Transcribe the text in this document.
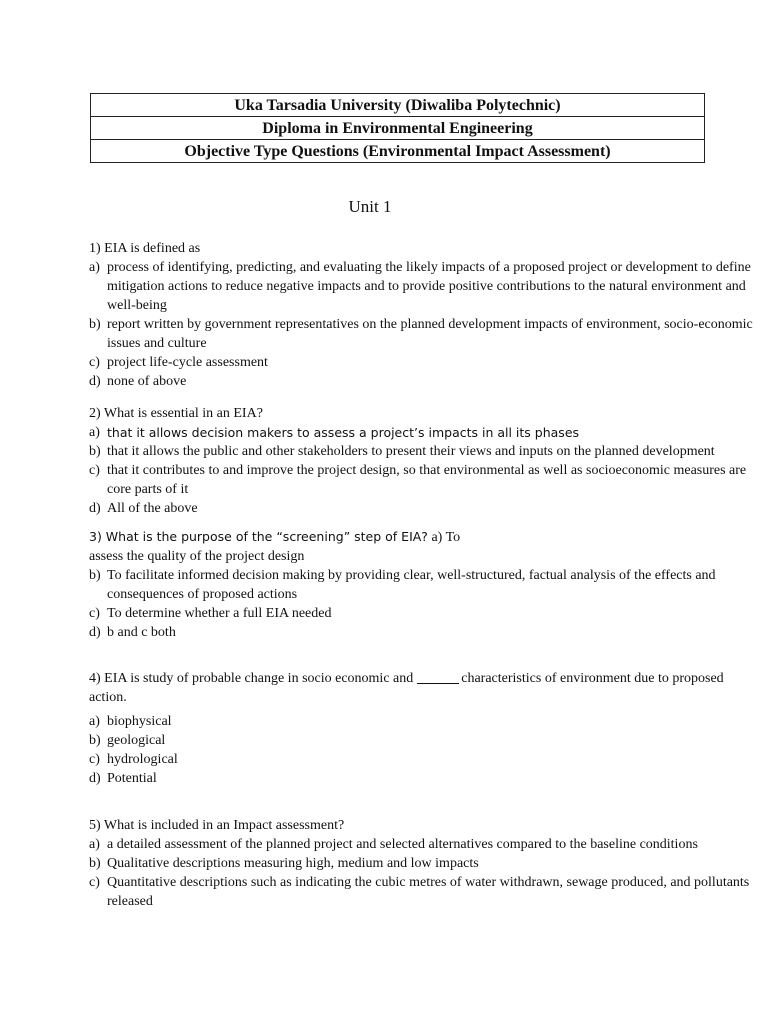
Uka Tarsadia University (Diwaliba Polytechnic)
Diploma in Environmental Engineering
Objective Type Questions (Environmental Impact Assessment)
Unit 1

1) EIA is defined as

a) process of identifying, predicting, and evaluating the likely impacts of a proposed project or development to define mitigation actions to reduce negative impacts and to provide positive contributions to the natural environment and well-being
b) report written by government representatives on the planned development impacts of environment, socio-economic issues and culture
c) project life-cycle assessment
d) none of above

2) What is essential in an EIA?

a) that it allows decision makers to assess a project’s impacts in all its phases
b) that it allows the public and other stakeholders to present their views and inputs on the planned development
c) that it contributes to and improve the project design, so that environmental as well as socioeconomic measures are core parts of it
d) All of the above

3) What is the purpose of the “screening” step of EIA? a) To

assess the quality of the project design

b) To facilitate informed decision making by providing clear, well-structured, factual analysis of the effects and consequences of proposed actions
c) To determine whether a full EIA needed
d) b and c both

4) EIA is study of probable change in socio economic and	characteristics of environment due to proposed action.

a) biophysical
b) geological
c) hydrological
d) Potential

5) What is included in an Impact assessment?

a) a detailed assessment of the planned project and selected alternatives compared to the baseline conditions
b) Qualitative descriptions measuring high, medium and low impacts
c) Quantitative descriptions such as indicating the cubic metres of water withdrawn, sewage produced, and pollutants released
